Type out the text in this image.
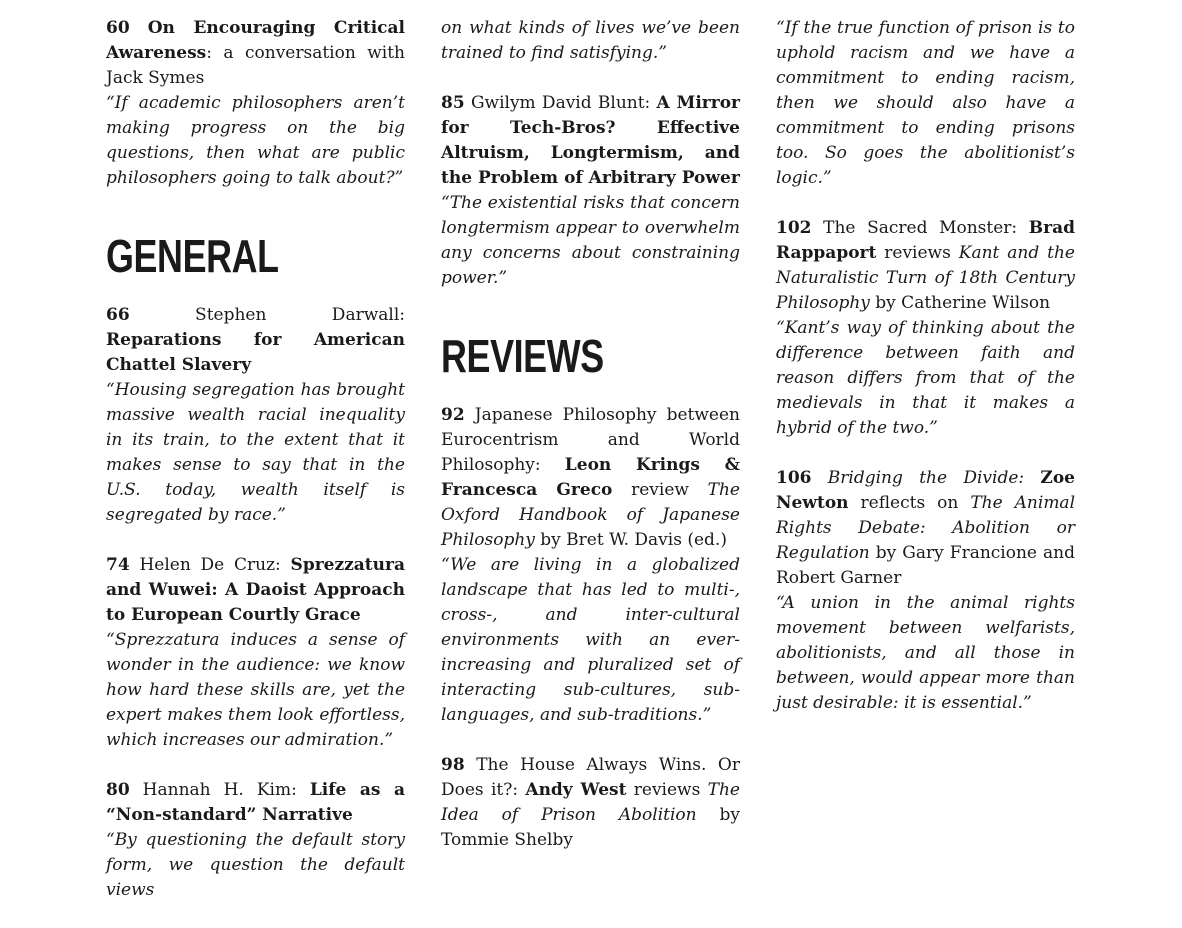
60 On Encouraging Critical Awareness: a conversation with Jack Symes

“If academic philosophers aren’t making progress on the big questions, then what are public philosophers going to talk about?”

GENERAL

66 Stephen Darwall: Reparations for American Chattel Slavery

“Housing segregation has brought massive wealth racial inequality in its train, to the extent that it makes sense to say that in the U.S. today, wealth itself is segregated by race.”

74 Helen De Cruz: Sprezzatura and Wuwei: A Daoist Approach to European Courtly Grace

“Sprezzatura induces a sense of wonder in the audience: we know how hard these skills are, yet the expert makes them look effortless, which increases our admiration.”

80 Hannah H. Kim: Life as a “Non-standard” Narrative

“By questioning the default story form, we question the default views

on what kinds of lives we’ve been trained to find satisfying.”

85 Gwilym David Blunt: A Mirror for Tech-Bros? Effective Altruism, Longtermism, and the Problem of Arbitrary Power

“The existential risks that concern longtermism appear to overwhelm any concerns about constraining power.”

REVIEWS

92 Japanese Philosophy between Eurocentrism and World Philosophy: Leon Krings & Francesca Greco review The Oxford Handbook of Japanese Philosophy by Bret W. Davis (ed.)

“We are living in a globalized landscape that has led to multi-, cross-, and inter-cultural environments with an ever-increasing and pluralized set of interacting sub-cultures, sub-languages, and sub-traditions.”

98 The House Always Wins. Or Does it?: Andy West reviews The Idea of Prison Abolition by Tommie Shelby

“If the true function of prison is to uphold racism and we have a commitment to ending racism, then we should also have a commitment to ending prisons too. So goes the abolitionist’s logic.”

102 The Sacred Monster: Brad Rappaport reviews Kant and the Naturalistic Turn of 18th Century Philosophy by Catherine Wilson

“Kant’s way of thinking about the difference between faith and reason differs from that of the medievals in that it makes a hybrid of the two.”

106 Bridging the Divide: Zoe Newton reflects on The Animal Rights Debate: Abolition or Regulation by Gary Francione and Robert Garner

“A union in the animal rights movement between welfarists, abolitionists, and all those in between, would appear more than just desirable: it is essential.”
